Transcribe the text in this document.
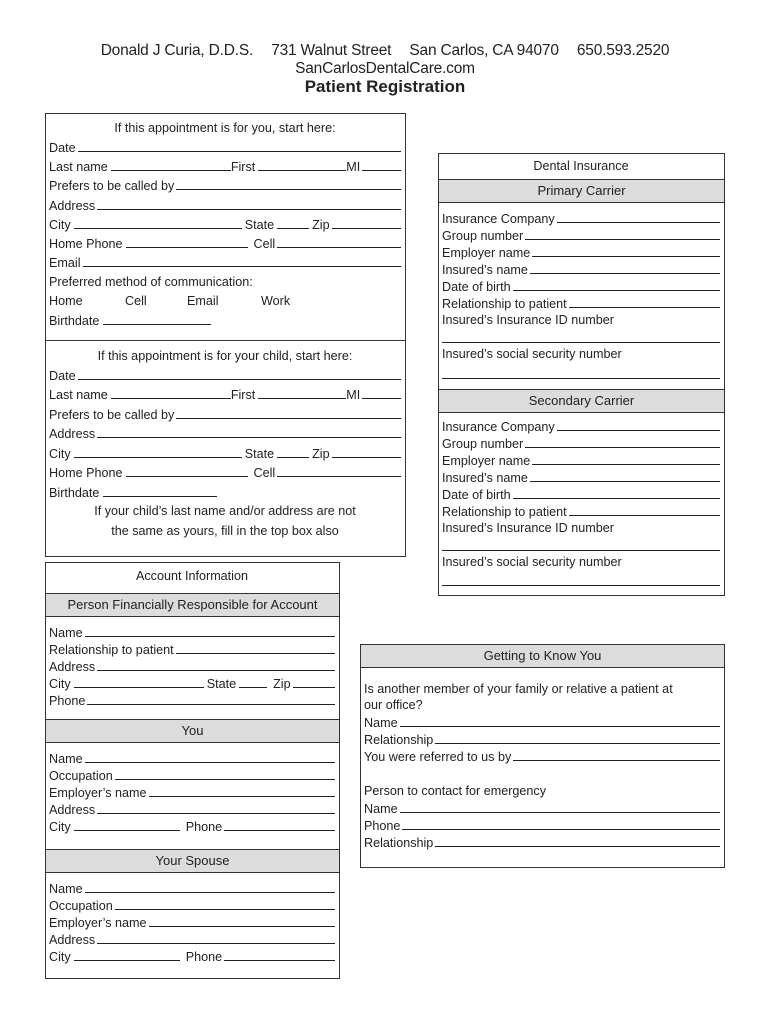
Donald J Curia, D.D.S. 731 Walnut Street San Carlos, CA 94070 650.593.2520 SanCarlosDentalCare.com
Patient Registration
If this appointment is for you, start here:
Date
Last name	First	MI
Prefers to be called by
Address
City	State	Zip
Home Phone	Cell
Email
Preferred method of communication:
Home	Cell	Email	Work
Birthdate
If this appointment is for your child, start here:
Date
Last name	First	MI
Prefers to be called by
Address
City	State	Zip
Home Phone	Cell
Birthdate
If your child’s last name and/or address are not
the same as yours, fill in the top box also
Dental Insurance
Primary Carrier
Insurance Company
Group number
Employer name
Insured’s name
Date of birth
Relationship to patient
Insured’s Insurance ID number
Insured’s social security number
Secondary Carrier
Insurance Company
Group number
Employer name
Insured’s name
Date of birth
Relationship to patient
Insured’s Insurance ID number
Insured’s social security number
Account Information
Person Financially Responsible for Account
Name
Relationship to patient
Address
City	State	Zip
Phone
You
Name
Occupation
Employer’s name
Address
City	Phone
Your Spouse
Name
Occupation
Employer’s name
Address
City	Phone
Getting to Know You
Is another member of your family or relative a patient at
our office?
Name
Relationship
You were referred to us by
Person to contact for emergency
Name
Phone
Relationship
